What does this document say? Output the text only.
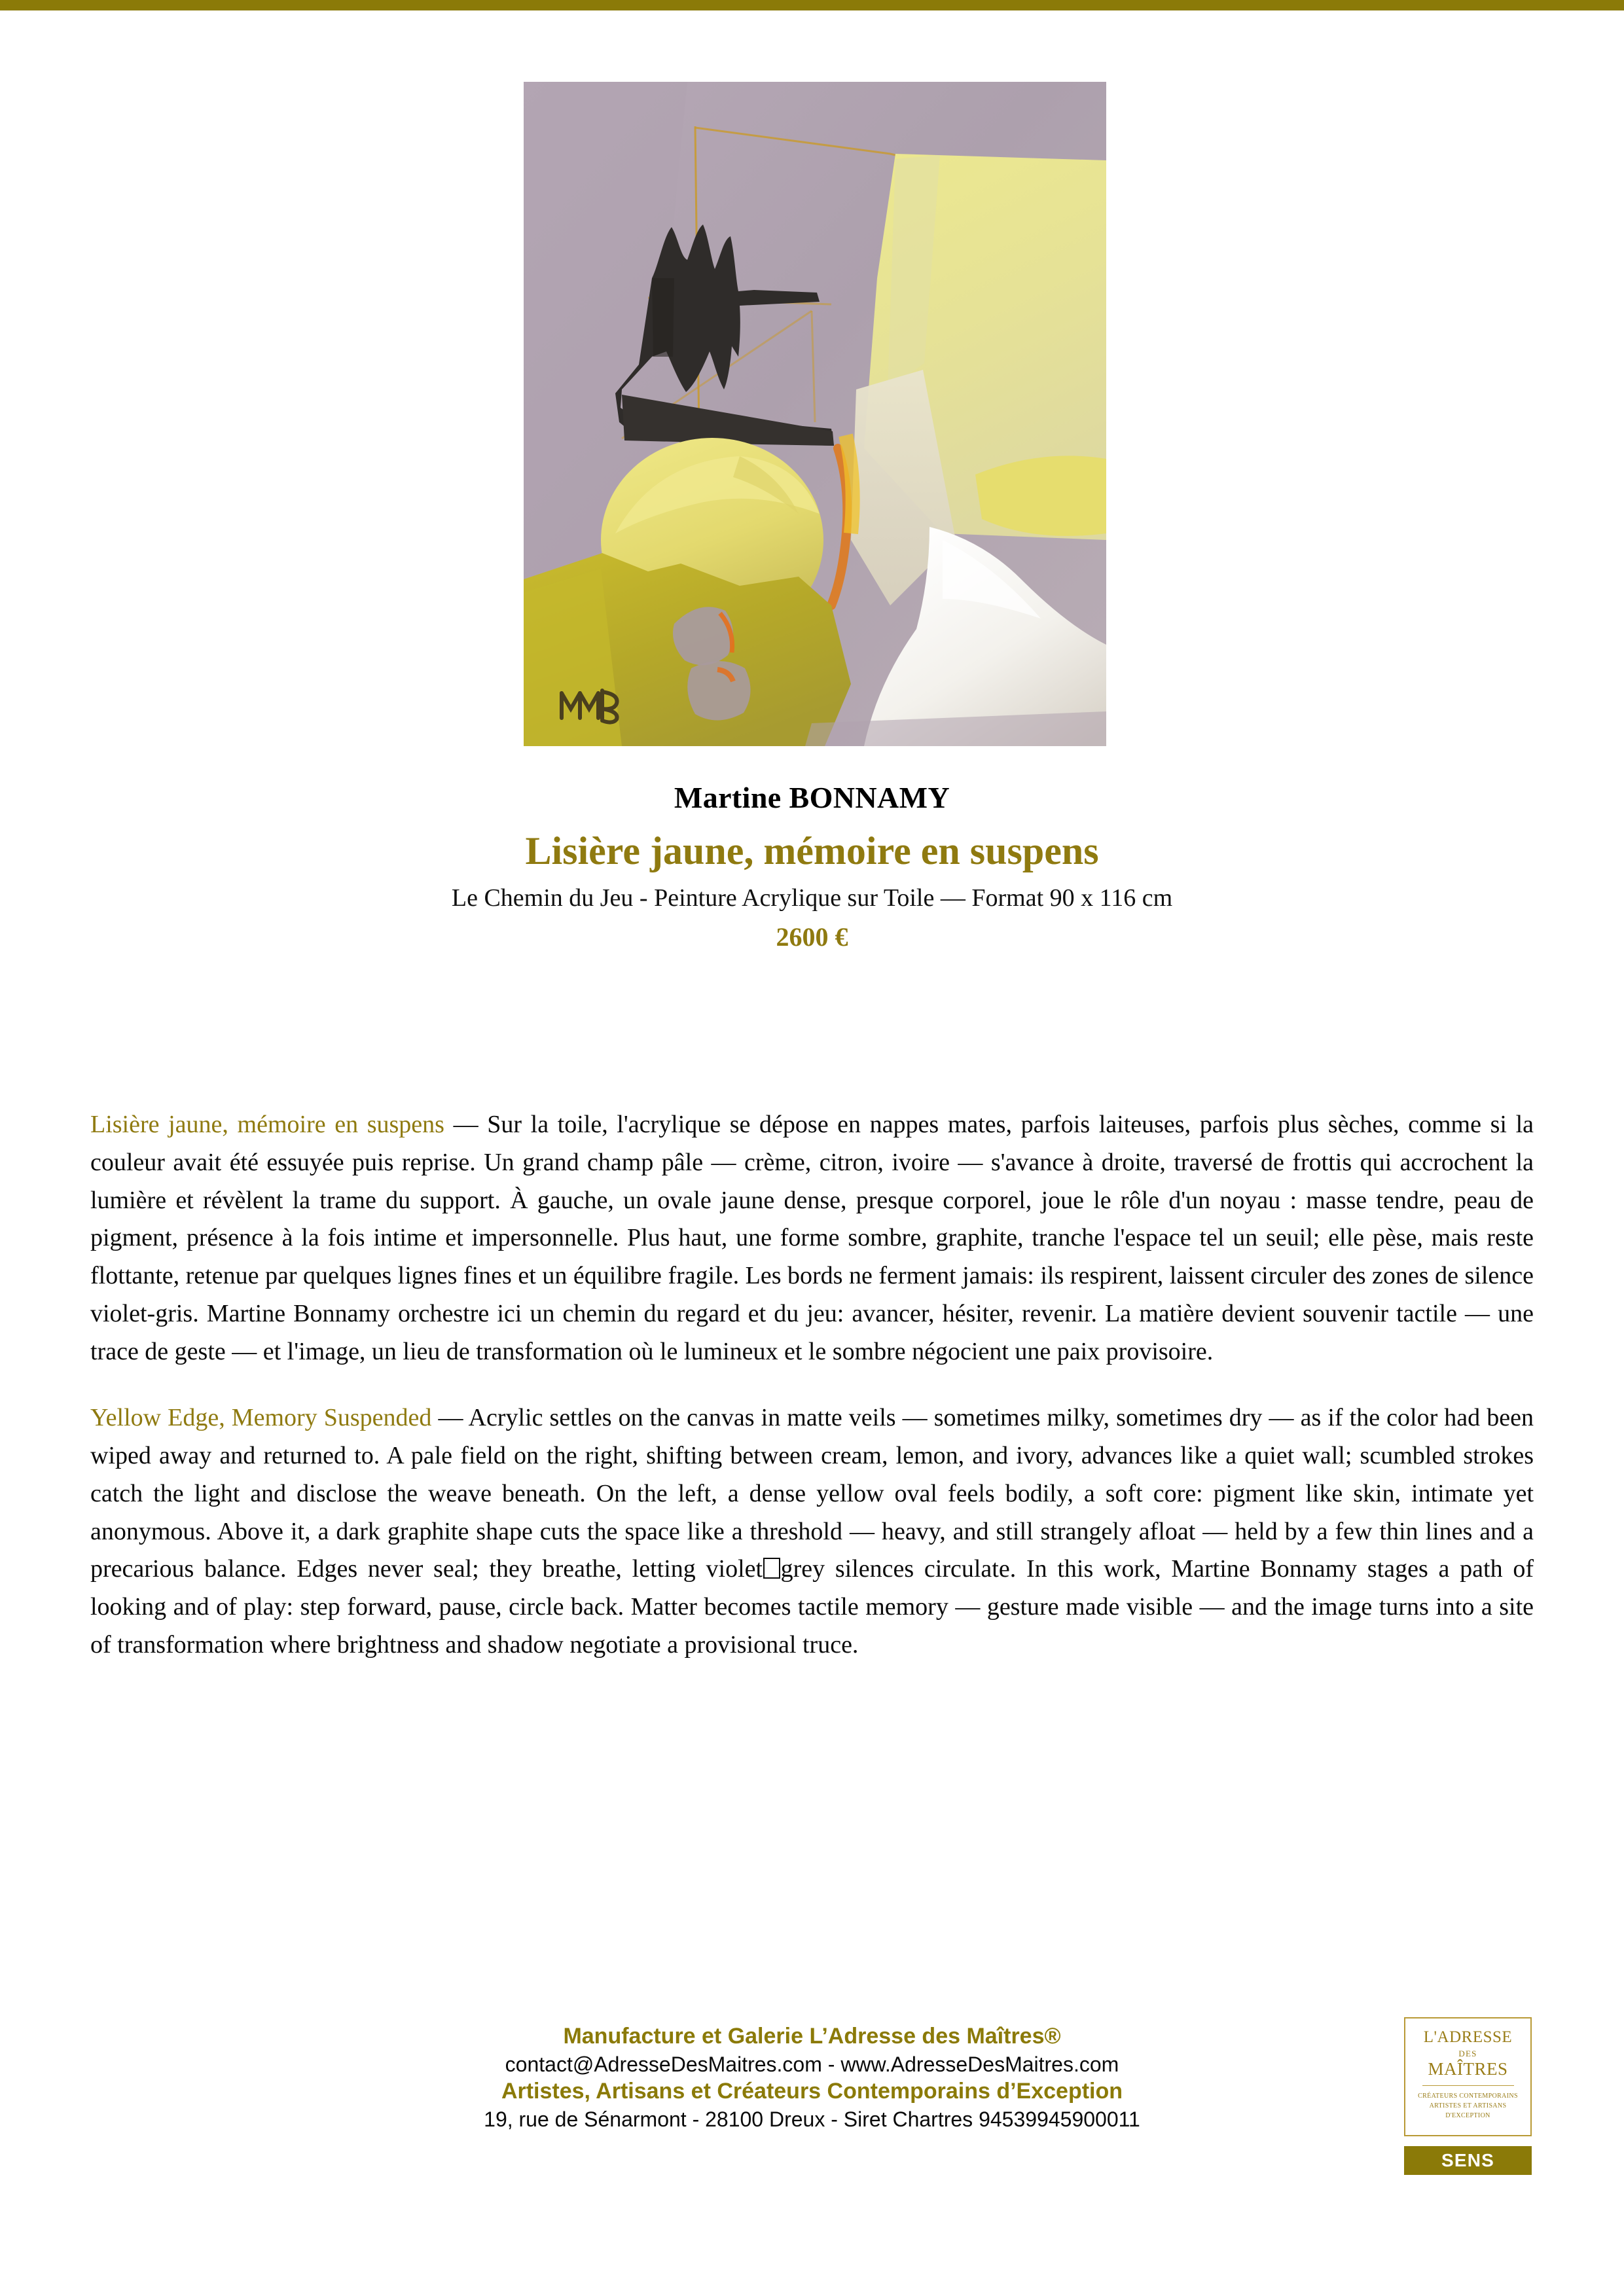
Martine BONNAMY
Lisière jaune, mémoire en suspens
Le Chemin du Jeu - Peinture Acrylique sur Toile — Format 90 x 116 cm
2600 €

Lisière jaune, mémoire en suspens — Sur la toile, l'acrylique se dépose en nappes mates, parfois laiteuses, parfois plus sèches, comme si la couleur avait été essuyée puis reprise. Un grand champ pâle — crème, citron, ivoire — s'avance à droite, traversé de frottis qui accrochent la lumière et révèlent la trame du support. À gauche, un ovale jaune dense, presque corporel, joue le rôle d'un noyau : masse tendre, peau de pigment, présence à la fois intime et impersonnelle. Plus haut, une forme sombre, graphite, tranche l'espace tel un seuil; elle pèse, mais reste flottante, retenue par quelques lignes fines et un équilibre fragile. Les bords ne ferment jamais: ils respirent, laissent circuler des zones de silence violet-gris. Martine Bonnamy orchestre ici un chemin du regard et du jeu: avancer, hésiter, revenir. La matière devient souvenir tactile — une trace de geste — et l'image, un lieu de transformation où le lumineux et le sombre négocient une paix provisoire.

Yellow Edge, Memory Suspended — Acrylic settles on the canvas in matte veils — sometimes milky, sometimes dry — as if the color had been wiped away and returned to. A pale field on the right, shifting between cream, lemon, and ivory, advances like a quiet wall; scumbled strokes catch the light and disclose the weave beneath. On the left, a dense yellow oval feels bodily, a soft core: pigment like skin, intimate yet anonymous. Above it, a dark graphite shape cuts the space like a threshold — heavy, and still strangely afloat — held by a few thin lines and a precarious balance. Edges never seal; they breathe, letting violet grey silences circulate. In this work, Martine Bonnamy stages a path of looking and of play: step forward, pause, circle back. Matter becomes tactile memory — gesture made visible — and the image turns into a site of transformation where brightness and shadow negotiate a provisional truce.

Manufacture et Galerie L’Adresse des Maîtres®

contact@AdresseDesMaitres.com - www.AdresseDesMaitres.com

Artistes, Artisans et Créateurs Contemporains d’Exception

19, rue de Sénarmont - 28100 Dreux - Siret Chartres 94539945900011

L'ADRESSE
DES
MAÎTRES
CRÉATEURS CONTEMPORAINS
ARTISTES ET ARTISANS
D'EXCEPTION
SENS
